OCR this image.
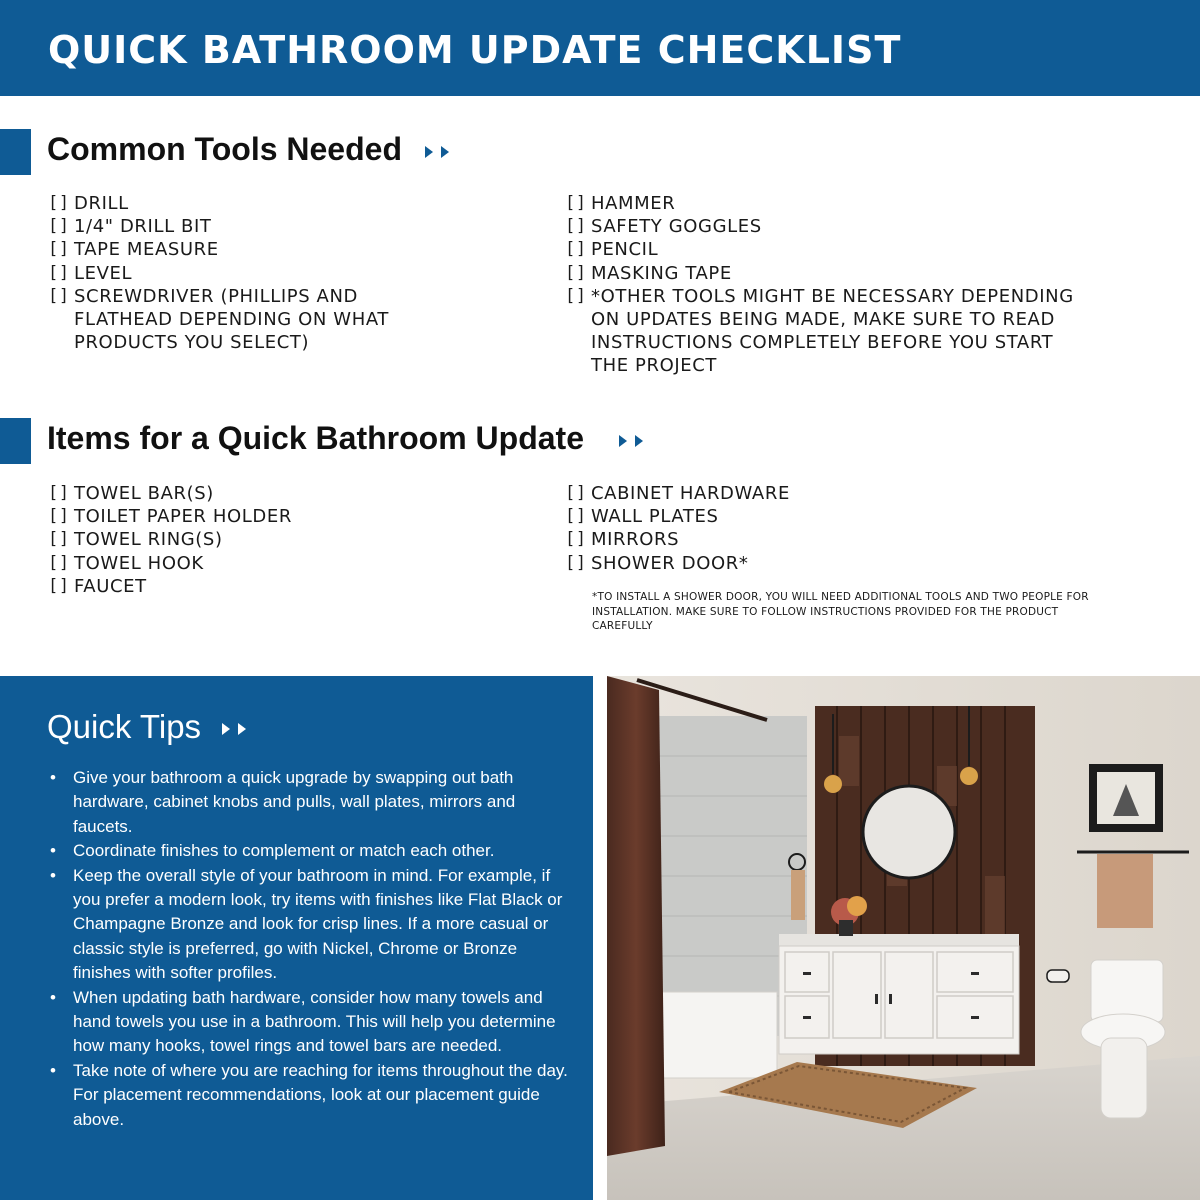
QUICK BATHROOM UPDATE CHECKLIST
Common Tools Needed
[] DRILL
[] 1/4" DRILL BIT
[] TAPE MEASURE
[] LEVEL
[] SCREWDRIVER (PHILLIPS AND
FLATHEAD DEPENDING ON WHAT
PRODUCTS YOU SELECT)
[] HAMMER
[] SAFETY GOGGLES
[] PENCIL
[] MASKING TAPE
[] *OTHER TOOLS MIGHT BE NECESSARY DEPENDING
ON UPDATES BEING MADE, MAKE SURE TO READ
INSTRUCTIONS COMPLETELY BEFORE YOU START
THE PROJECT
Items for a Quick Bathroom Update
[] TOWEL BAR(S)
[] TOILET PAPER HOLDER
[] TOWEL RING(S)
[] TOWEL HOOK
[] FAUCET
[] CABINET HARDWARE
[] WALL PLATES
[] MIRRORS
[] SHOWER DOOR*
*TO INSTALL A SHOWER DOOR, YOU WILL NEED ADDITIONAL TOOLS AND TWO PEOPLE FOR INSTALLATION. MAKE SURE TO FOLLOW INSTRUCTIONS PROVIDED FOR THE PRODUCT CAREFULLY
Quick Tips
• Give your bathroom a quick upgrade by swapping out bath hardware, cabinet knobs and pulls, wall plates, mirrors and faucets.
• Coordinate finishes to complement or match each other.
• Keep the overall style of your bathroom in mind. For example, if you prefer a modern look, try items with finishes like Flat Black or Champagne Bronze and look for crisp lines. If a more casual or classic style is preferred, go with Nickel, Chrome or Bronze finishes with softer profiles.
• When updating bath hardware, consider how many towels and hand towels you use in a bathroom. This will help you determine how many hooks, towel rings and towel bars are needed.
• Take note of where you are reaching for items throughout the day. For placement recommendations, look at our placement guide above.
